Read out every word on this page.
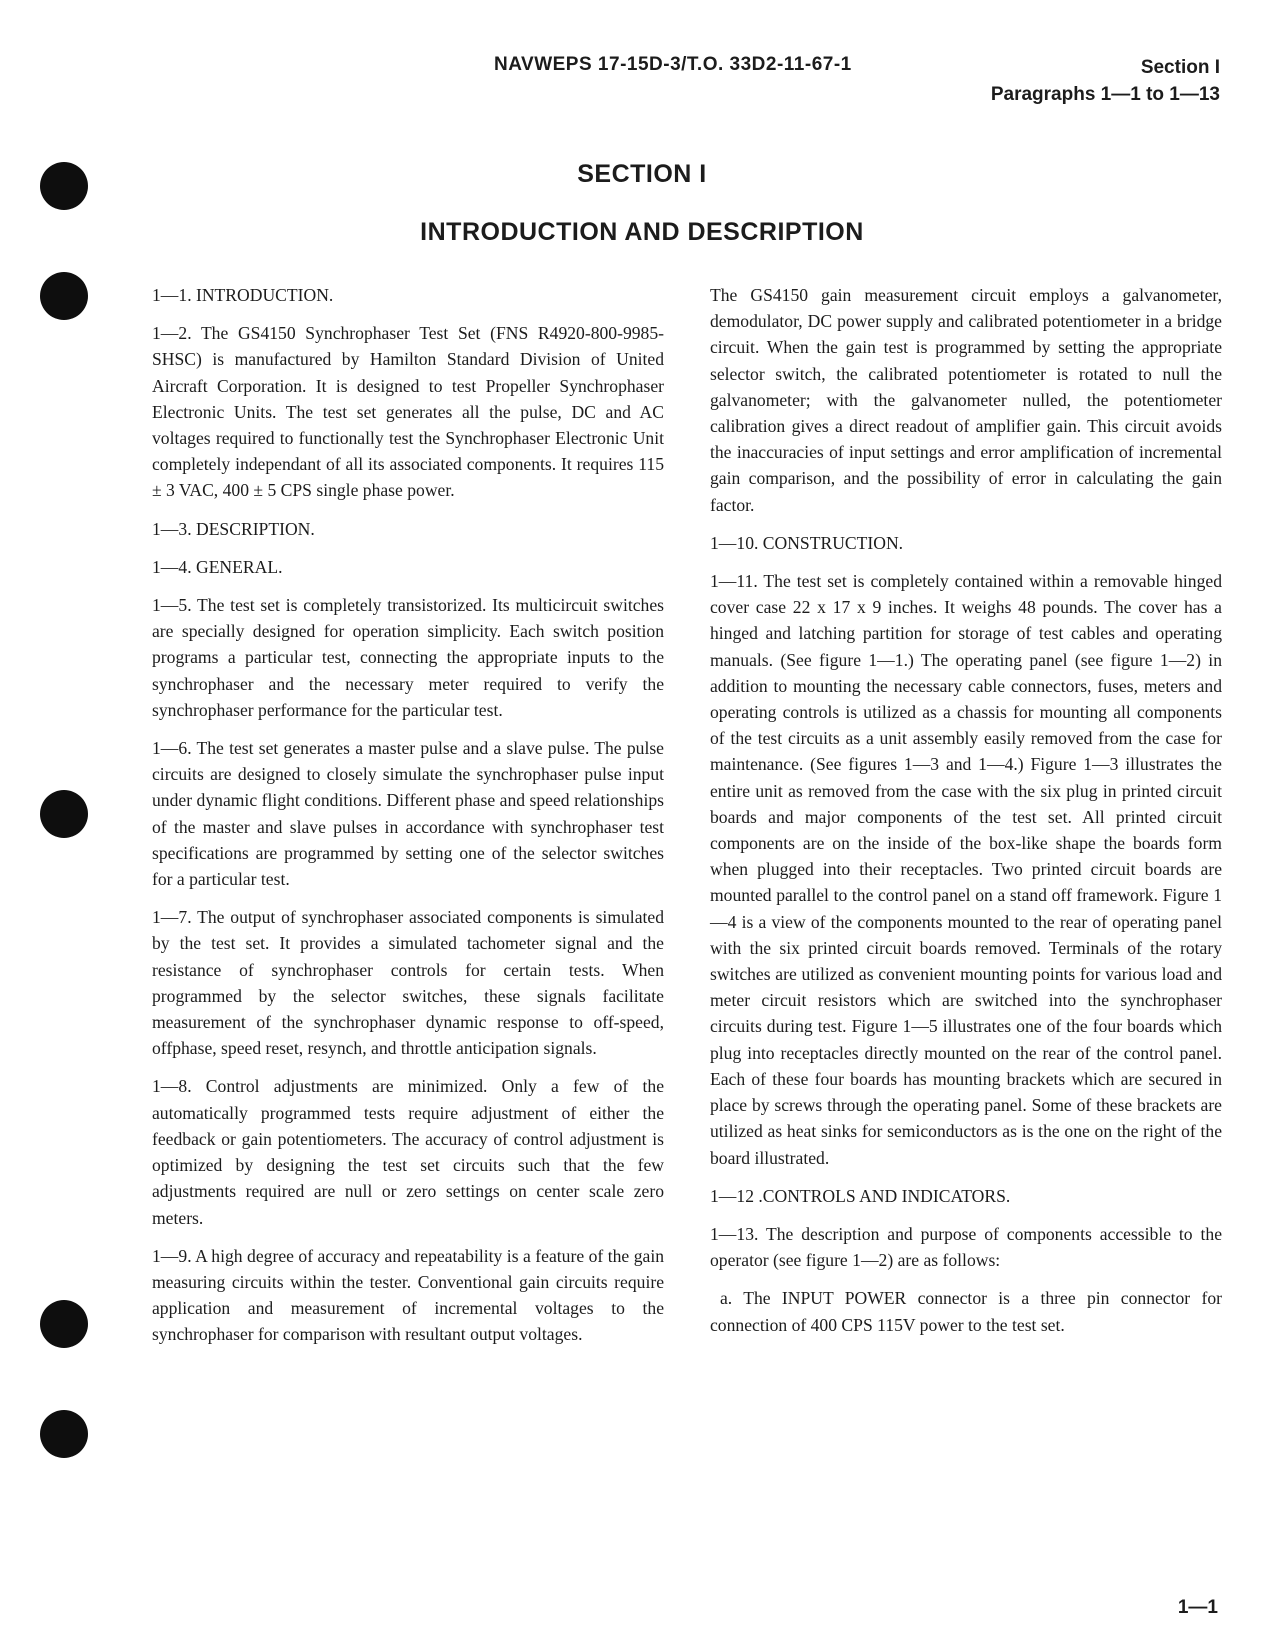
NAVWEPS 17-15D-3/T.O. 33D2-11-67-1	Section I
Paragraphs 1—1 to 1—13
SECTION I
INTRODUCTION AND DESCRIPTION

1—1. INTRODUCTION.

1—2. The GS4150 Synchrophaser Test Set (FNS R4920-800-9985-SHSC) is manufactured by Hamilton Standard Division of United Aircraft Corporation. It is designed to test Propeller Synchrophaser Electronic Units. The test set generates all the pulse, DC and AC voltages required to functionally test the Synchrophaser Electronic Unit completely independant of all its associated components. It requires 115 ± 3 VAC, 400 ± 5 CPS single phase power.

1—3. DESCRIPTION.

1—4. GENERAL.

1—5. The test set is completely transistorized. Its multicircuit switches are specially designed for operation simplicity. Each switch position programs a particular test, connecting the appropriate inputs to the synchrophaser and the necessary meter required to verify the synchrophaser performance for the particular test.

1—6. The test set generates a master pulse and a slave pulse. The pulse circuits are designed to closely simulate the synchrophaser pulse input under dynamic flight conditions. Different phase and speed relationships of the master and slave pulses in accordance with synchrophaser test specifications are programmed by setting one of the selector switches for a particular test.

1—7. The output of synchrophaser associated components is simulated by the test set. It provides a simulated tachometer signal and the resistance of synchrophaser controls for certain tests. When programmed by the selector switches, these signals facilitate measurement of the synchrophaser dynamic response to off-speed, offphase, speed reset, resynch, and throttle anticipation signals.

1—8. Control adjustments are minimized. Only a few of the automatically programmed tests require adjustment of either the feedback or gain potentiometers. The accuracy of control adjustment is optimized by designing the test set circuits such that the few adjustments required are null or zero settings on center scale zero meters.

1—9. A high degree of accuracy and repeatability is a feature of the gain measuring circuits within the tester. Conventional gain circuits require application and measurement of incremental voltages to the synchrophaser for comparison with resultant output voltages.

The GS4150 gain measurement circuit employs a galvanometer, demodulator, DC power supply and calibrated potentiometer in a bridge circuit. When the gain test is programmed by setting the appropriate selector switch, the calibrated potentiometer is rotated to null the galvanometer; with the galvanometer nulled, the potentiometer calibration gives a direct readout of amplifier gain. This circuit avoids the inaccuracies of input settings and error amplification of incremental gain comparison, and the possibility of error in calculating the gain factor.

1—10. CONSTRUCTION.

1—11. The test set is completely contained within a removable hinged cover case 22 x 17 x 9 inches. It weighs 48 pounds. The cover has a hinged and latching partition for storage of test cables and operating manuals. (See figure 1—1.) The operating panel (see figure 1—2) in addition to mounting the necessary cable connectors, fuses, meters and operating controls is utilized as a chassis for mounting all components of the test circuits as a unit assembly easily removed from the case for maintenance. (See figures 1—3 and 1—4.) Figure 1—3 illustrates the entire unit as removed from the case with the six plug in printed circuit boards and major components of the test set. All printed circuit components are on the inside of the box-like shape the boards form when plugged into their receptacles. Two printed circuit boards are mounted parallel to the control panel on a stand off framework. Figure 1—4 is a view of the components mounted to the rear of operating panel with the six printed circuit boards removed. Terminals of the rotary switches are utilized as convenient mounting points for various load and meter circuit resistors which are switched into the synchrophaser circuits during test. Figure 1—5 illustrates one of the four boards which plug into receptacles directly mounted on the rear of the control panel. Each of these four boards has mounting brackets which are secured in place by screws through the operating panel. Some of these brackets are utilized as heat sinks for semiconductors as is the one on the right of the board illustrated.

1—12 .CONTROLS AND INDICATORS.

1—13. The description and purpose of components accessible to the operator (see figure 1—2) are as follows:

a. The INPUT POWER connector is a three pin connector for connection of 400 CPS 115V power to the test set.

1—1
